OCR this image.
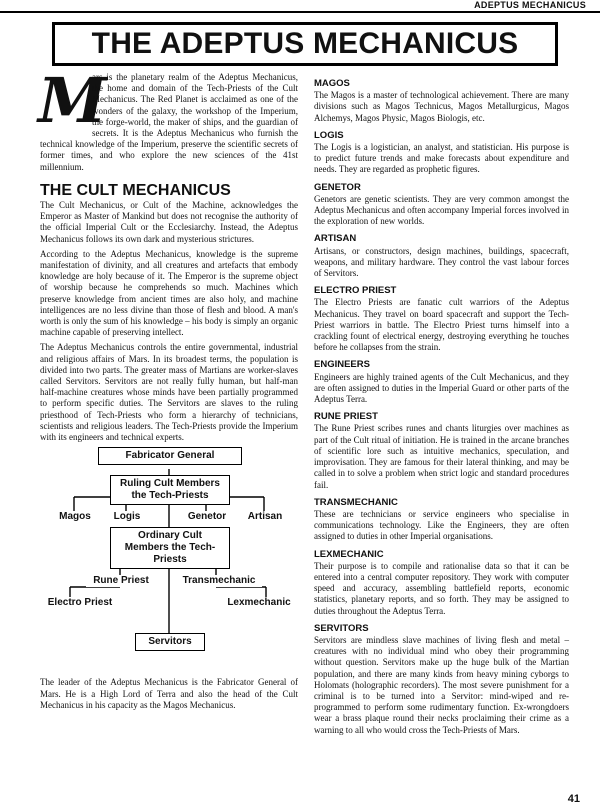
ADEPTUS MECHANICUS
THE ADEPTUS MECHANICUS

M
ars is the planetary realm of the Adeptus Mechanicus, the home and domain of the Tech-Priests of the Cult Mechanicus. The Red Planet is acclaimed as one of the wonders of the galaxy, the workshop of the Imperium, the forge-world, the maker of ships, and the guardian of secrets. It is the Adeptus Mechanicus who furnish the technical knowledge of the Imperium, preserve the scientific secrets of former times, and who explore the new sciences of the 41st millennium.

THE CULT MECHANICUS

The Cult Mechanicus, or Cult of the Machine, acknowledges the Emperor as Master of Mankind but does not recognise the authority of the official Imperial Cult or the Ecclesiarchy. Instead, the Adeptus Mechanicus follows its own dark and mysterious strictures.

According to the Adeptus Mechanicus, knowledge is the supreme manifestation of divinity, and all creatures and artefacts that embody knowledge are holy because of it. The Emperor is the supreme object of worship because he comprehends so much. Machines which preserve knowledge from ancient times are also holy, and machine intelligences are no less divine than those of flesh and blood. A man's worth is only the sum of his knowledge – his body is simply an organic machine capable of preserving intellect.

The Adeptus Mechanicus controls the entire governmental, industrial and religious affairs of Mars. In its broadest terms, the population is divided into two parts. The greater mass of Martians are worker-slaves called Servitors. Servitors are not really fully human, but half-man half-machine creatures whose minds have been partially programmed to perform specific duties. The Servitors are slaves to the ruling priesthood of Tech-Priests who form a hierarchy of technicians, scientists and religious leaders. The Tech-Priests provide the Imperium with its engineers and technical experts.

Fabricator General
Ruling Cult Members the Tech-Priests
Magos	Logis	Genetor	Artisan
Ordinary Cult Members the Tech-Priests
Rune Priest	Transmechanic
Electro Priest	Lexmechanic
Servitors

The leader of the Adeptus Mechanicus is the Fabricator General of Mars. He is a High Lord of Terra and also the head of the Cult Mechanicus in his capacity as the Magos Mechanicus.

MAGOS

The Magos is a master of technological achievement. There are many divisions such as Magos Technicus, Magos Metallurgicus, Magos Alchemys, Magos Physic, Magos Biologis, etc.

LOGIS

The Logis is a logistician, an analyst, and statistician. His purpose is to predict future trends and make forecasts about expenditure and needs. They are regarded as prophetic figures.

GENETOR

Genetors are genetic scientists. They are very common amongst the Adeptus Mechanicus and often accompany Imperial forces involved in the exploration of new worlds.

ARTISAN

Artisans, or constructors, design machines, buildings, spacecraft, weapons, and military hardware. They control the vast labour forces of Servitors.

ELECTRO PRIEST

The Electro Priests are fanatic cult warriors of the Adeptus Mechanicus. They travel on board spacecraft and support the Tech-Priest warriors in battle. The Electro Priest turns himself into a crackling fount of electrical energy, destroying everything he touches before he collapses from the strain.

ENGINEERS

Engineers are highly trained agents of the Cult Mechanicus, and they are often assigned to duties in the Imperial Guard or other parts of the Adeptus Terra.

RUNE PRIEST

The Rune Priest scribes runes and chants liturgies over machines as part of the Cult ritual of initiation. He is trained in the arcane branches of scientific lore such as intuitive mechanics, speculation, and improvisation. They are famous for their lateral thinking, and may be called in to solve a problem when strict logic and standard procedures fail.

TRANSMECHANIC

These are technicians or service engineers who specialise in communications technology. Like the Engineers, they are often assigned to duties in other Imperial organisations.

LEXMECHANIC

Their purpose is to compile and rationalise data so that it can be entered into a central computer repository. They work with computer speed and accuracy, assembling battlefield reports, economic statistics, planetary reports, and so forth. They may be assigned to duties throughout the Adeptus Terra.

SERVITORS

Servitors are mindless slave machines of living flesh and metal – creatures with no individual mind who obey their programming without question. Servitors make up the huge bulk of the Martian population, and there are many kinds from heavy mining cyborgs to Holomats (holographic recorders). The most severe punishment for a criminal is to be turned into a Servitor: mind-wiped and re-programmed to perform some rudimentary function. Ex-wrongdoers wear a brass plaque round their necks proclaiming their crime as a warning to all who would cross the Tech-Priests of Mars.

41
